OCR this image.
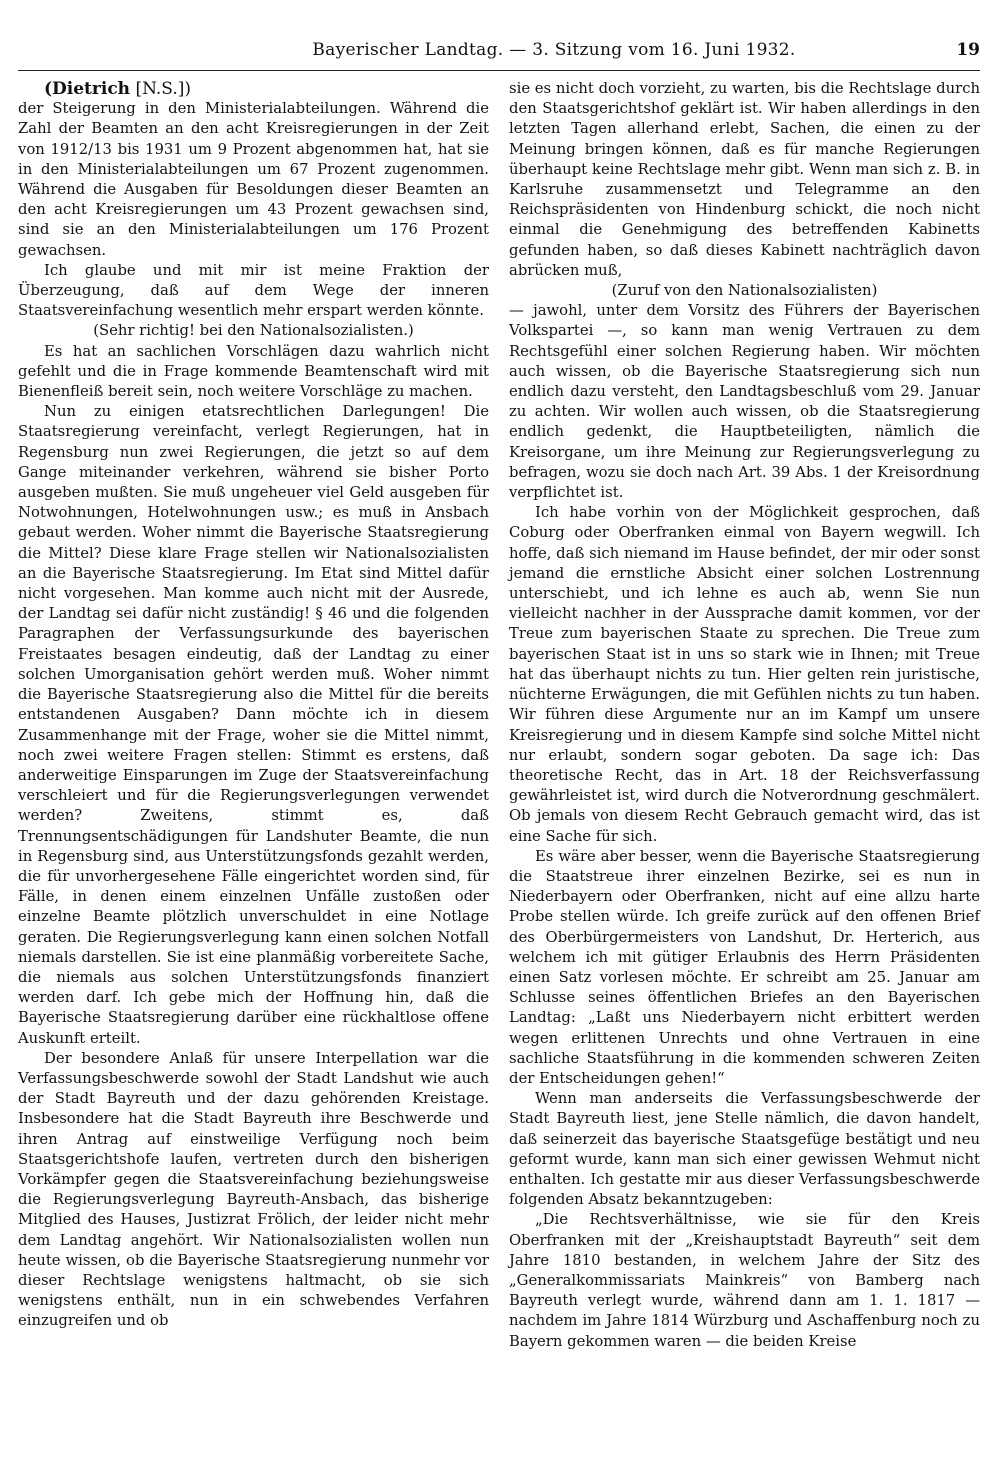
Bayerischer Landtag. — 3. Sitzung vom 16. Juni 1932.	19

(Dietrich [N.S.])

der Steigerung in den Ministerialabteilungen. Während die Zahl der Beamten an den acht Kreisregierungen in der Zeit von 1912/13 bis 1931 um 9 Prozent abgenommen hat, hat sie in den Ministerialabteilungen um 67 Prozent zugenommen. Während die Ausgaben für Besoldungen dieser Beamten an den acht Kreisregierungen um 43 Prozent gewachsen sind, sind sie an den Ministerialabteilungen um 176 Prozent gewachsen.

Ich glaube und mit mir ist meine Fraktion der Überzeugung, daß auf dem Wege der inneren Staatsvereinfachung wesentlich mehr erspart werden könnte.

(Sehr richtig! bei den Nationalsozialisten.)

Es hat an sachlichen Vorschlägen dazu wahrlich nicht gefehlt und die in Frage kommende Beamtenschaft wird mit Bienenfleiß bereit sein, noch weitere Vorschläge zu machen.

Nun zu einigen etatsrechtlichen Darlegungen! Die Staatsregierung vereinfacht, verlegt Regierungen, hat in Regensburg nun zwei Regierungen, die jetzt so auf dem Gange miteinander verkehren, während sie bisher Porto ausgeben mußten. Sie muß ungeheuer viel Geld ausgeben für Notwohnungen, Hotelwohnungen usw.; es muß in Ansbach gebaut werden. Woher nimmt die Bayerische Staatsregierung die Mittel? Diese klare Frage stellen wir Nationalsozialisten an die Bayerische Staatsregierung. Im Etat sind Mittel dafür nicht vorgesehen. Man komme auch nicht mit der Ausrede, der Landtag sei dafür nicht zuständig! § 46 und die folgenden Paragraphen der Verfassungsurkunde des bayerischen Freistaates besagen eindeutig, daß der Landtag zu einer solchen Umorganisation gehört werden muß. Woher nimmt die Bayerische Staatsregierung also die Mittel für die bereits entstandenen Ausgaben? Dann möchte ich in diesem Zusammenhange mit der Frage, woher sie die Mittel nimmt, noch zwei weitere Fragen stellen: Stimmt es erstens, daß anderweitige Einsparungen im Zuge der Staatsvereinfachung verschleiert und für die Regierungsverlegungen verwendet werden? Zweitens, stimmt es, daß Trennungsentschädigungen für Landshuter Beamte, die nun in Regensburg sind, aus Unterstützungsfonds gezahlt werden, die für unvorhergesehene Fälle eingerichtet worden sind, für Fälle, in denen einem einzelnen Unfälle zustoßen oder einzelne Beamte plötzlich unverschuldet in eine Notlage geraten. Die Regierungsverlegung kann einen solchen Notfall niemals darstellen. Sie ist eine planmäßig vorbereitete Sache, die niemals aus solchen Unterstützungsfonds finanziert werden darf. Ich gebe mich der Hoffnung hin, daß die Bayerische Staatsregierung darüber eine rückhaltlose offene Auskunft erteilt.

Der besondere Anlaß für unsere Interpellation war die Verfassungsbeschwerde sowohl der Stadt Landshut wie auch der Stadt Bayreuth und der dazu gehörenden Kreistage. Insbesondere hat die Stadt Bayreuth ihre Beschwerde und ihren Antrag auf einstweilige Verfügung noch beim Staatsgerichtshofe laufen, vertreten durch den bisherigen Vorkämpfer gegen die Staatsvereinfachung beziehungsweise die Regierungsverlegung Bayreuth-Ansbach, das bisherige Mitglied des Hauses, Justizrat Frölich, der leider nicht mehr dem Landtag angehört. Wir Nationalsozialisten wollen nun heute wissen, ob die Bayerische Staatsregierung nunmehr vor dieser Rechtslage wenigstens haltmacht, ob sie sich wenigstens enthält, nun in ein schwebendes Verfahren einzugreifen und ob

sie es nicht doch vorzieht, zu warten, bis die Rechtslage durch den Staatsgerichtshof geklärt ist. Wir haben allerdings in den letzten Tagen allerhand erlebt, Sachen, die einen zu der Meinung bringen können, daß es für manche Regierungen überhaupt keine Rechtslage mehr gibt. Wenn man sich z. B. in Karlsruhe zusammensetzt und Telegramme an den Reichspräsidenten von Hindenburg schickt, die noch nicht einmal die Genehmigung des betreffenden Kabinetts gefunden haben, so daß dieses Kabinett nachträglich davon abrücken muß,

(Zuruf von den Nationalsozialisten)

— jawohl, unter dem Vorsitz des Führers der Bayerischen Volkspartei —, so kann man wenig Vertrauen zu dem Rechtsgefühl einer solchen Regierung haben. Wir möchten auch wissen, ob die Bayerische Staatsregierung sich nun endlich dazu versteht, den Landtagsbeschluß vom 29. Januar zu achten. Wir wollen auch wissen, ob die Staatsregierung endlich gedenkt, die Hauptbeteiligten, nämlich die Kreisorgane, um ihre Meinung zur Regierungsverlegung zu befragen, wozu sie doch nach Art. 39 Abs. 1 der Kreisordnung verpflichtet ist.

Ich habe vorhin von der Möglichkeit gesprochen, daß Coburg oder Oberfranken einmal von Bayern wegwill. Ich hoffe, daß sich niemand im Hause befindet, der mir oder sonst jemand die ernstliche Absicht einer solchen Lostrennung unterschiebt, und ich lehne es auch ab, wenn Sie nun vielleicht nachher in der Aussprache damit kommen, vor der Treue zum bayerischen Staate zu sprechen. Die Treue zum bayerischen Staat ist in uns so stark wie in Ihnen; mit Treue hat das überhaupt nichts zu tun. Hier gelten rein juristische, nüchterne Erwägungen, die mit Gefühlen nichts zu tun haben. Wir führen diese Argumente nur an im Kampf um unsere Kreisregierung und in diesem Kampfe sind solche Mittel nicht nur erlaubt, sondern sogar geboten. Da sage ich: Das theoretische Recht, das in Art. 18 der Reichsverfassung gewährleistet ist, wird durch die Notverordnung geschmälert. Ob jemals von diesem Recht Gebrauch gemacht wird, das ist eine Sache für sich.

Es wäre aber besser, wenn die Bayerische Staatsregierung die Staatstreue ihrer einzelnen Bezirke, sei es nun in Niederbayern oder Oberfranken, nicht auf eine allzu harte Probe stellen würde. Ich greife zurück auf den offenen Brief des Oberbürgermeisters von Landshut, Dr. Herterich, aus welchem ich mit gütiger Erlaubnis des Herrn Präsidenten einen Satz vorlesen möchte. Er schreibt am 25. Januar am Schlusse seines öffentlichen Briefes an den Bayerischen Landtag: „Laßt uns Niederbayern nicht erbittert werden wegen erlittenen Unrechts und ohne Vertrauen in eine sachliche Staatsführung in die kommenden schweren Zeiten der Entscheidungen gehen!“

Wenn man anderseits die Verfassungsbeschwerde der Stadt Bayreuth liest, jene Stelle nämlich, die davon handelt, daß seinerzeit das bayerische Staatsgefüge bestätigt und neu geformt wurde, kann man sich einer gewissen Wehmut nicht enthalten. Ich gestatte mir aus dieser Verfassungsbeschwerde folgenden Absatz bekanntzugeben:

„Die Rechtsverhältnisse, wie sie für den Kreis Oberfranken mit der „Kreishauptstadt Bayreuth“ seit dem Jahre 1810 bestanden, in welchem Jahre der Sitz des „Generalkommissariats Mainkreis“ von Bamberg nach Bayreuth verlegt wurde, während dann am 1. 1. 1817 — nachdem im Jahre 1814 Würzburg und Aschaffenburg noch zu Bayern gekommen waren — die beiden Kreise
